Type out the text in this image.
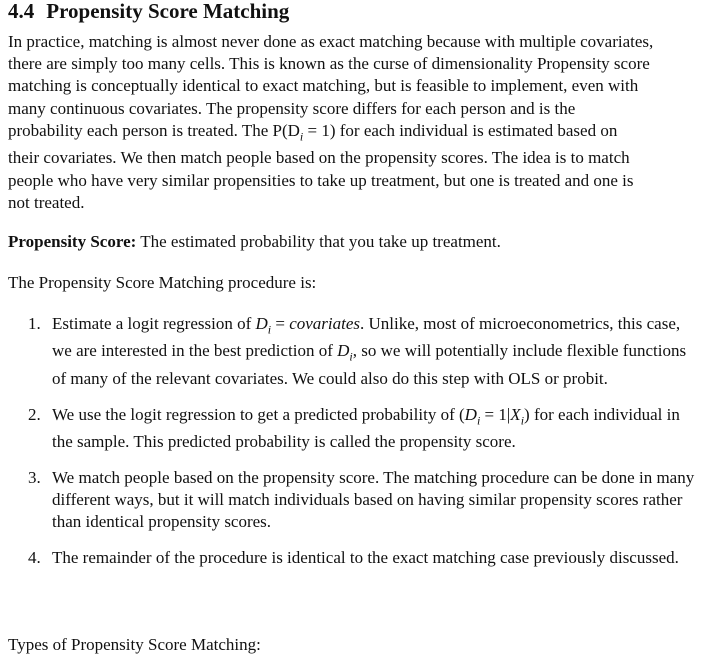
4.4 Propensity Score Matching
In practice, matching is almost never done as exact matching because with multiple covariates,
there are simply too many cells. This is known as the curse of dimensionality Propensity score
matching is conceptually identical to exact matching, but is feasible to implement, even with
many continuous covariates. The propensity score differs for each person and is the
probability each person is treated. The $P(D_i = 1)$ for each individual is estimated based on
their covariates. We then match people based on the propensity scores. The idea is to match
people who have very similar propensities to take up treatment, but one is treated and one is
not treated.
Propensity Score: The estimated probability that you take up treatment.
The Propensity Score Matching procedure is:
1. Estimate a logit regression of $D_i$ = covariates. Unlike, most of microeconometrics, this case, we are interested in the best prediction of $D_i$, so we will potentially include flexible functions of many of the relevant covariates. We could also do this step with OLS or probit.
2. We use the logit regression to get a predicted probability of $(D_i = 1|X_i)$ for each individual in the sample. This predicted probability is called the propensity score.
3. We match people based on the propensity score. The matching procedure can be done in many different ways, but it will match individuals based on having similar propensity scores rather than identical propensity scores.
4. The remainder of the procedure is identical to the exact matching case previously discussed.
Types of Propensity Score Matching:
